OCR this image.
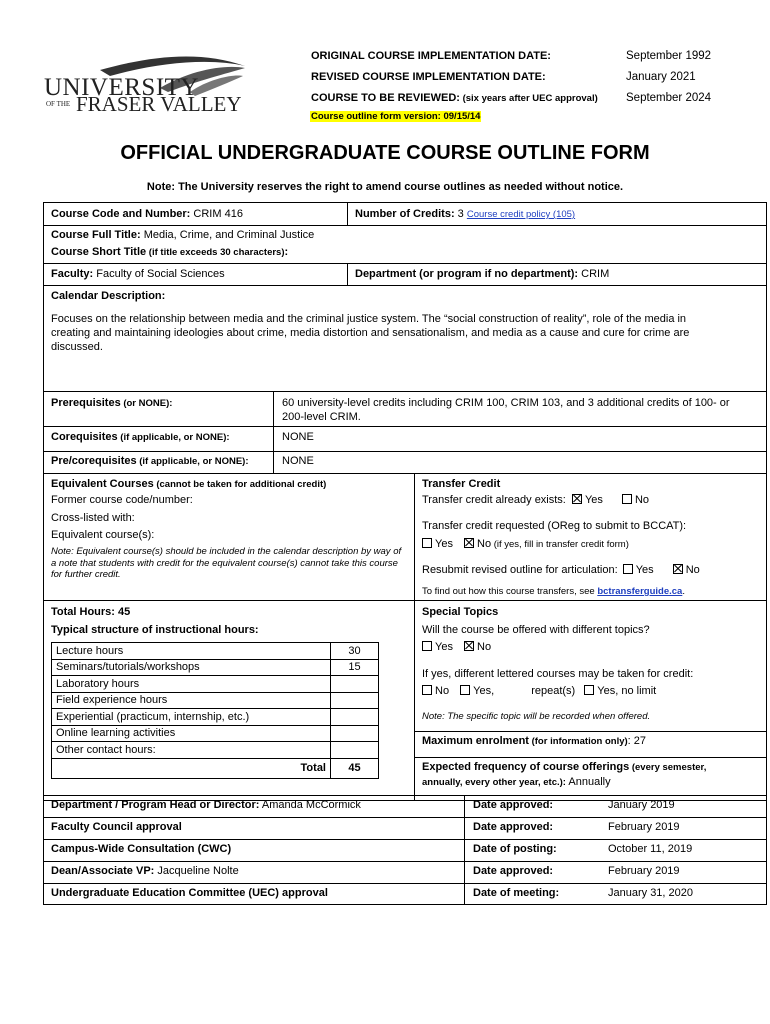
UNIVERSITY
OF THE FRASER VALLEY
ORIGINAL COURSE IMPLEMENTATION DATE:	September 1992
REVISED COURSE IMPLEMENTATION DATE:	January 2021
COURSE TO BE REVIEWED: (six years after UEC approval) September 2024
Course outline form version: 09/15/14
OFFICIAL UNDERGRADUATE COURSE OUTLINE FORM
Note: The University reserves the right to amend course outlines as needed without notice.
Course Code and Number: CRIM 416	Number of Credits: 3 Course credit policy (105)
Course Full Title: Media, Crime, and Criminal Justice
Course Short Title (if title exceeds 30 characters):
Faculty: Faculty of Social Sciences	Department (or program if no department): CRIM
Calendar Description:
Focuses on the relationship between media and the criminal justice system. The “social construction of reality”, role of the media in creating and maintaining ideologies about crime, media distortion and sensationalism, and media as a cause and cure for crime are discussed.
Prerequisites (or NONE):	60 university-level credits including CRIM 100, CRIM 103, and 3 additional credits of 100- or 200-level CRIM.
Corequisites (if applicable, or NONE):	NONE
Pre/corequisites (if applicable, or NONE):	NONE
Equivalent Courses (cannot be taken for additional credit)
Former course code/number:
Cross-listed with:
Equivalent course(s):
Note: Equivalent course(s) should be included in the calendar description by way of a note that students with credit for the equivalent course(s) cannot take this course for further credit.
Transfer Credit
Transfer credit already exists: Yes	No
Transfer credit requested (OReg to submit to BCCAT):
Yes No (if yes, fill in transfer credit form)
Resubmit revised outline for articulation: Yes	No
To find out how this course transfers, see bctransferguide.ca.
Total Hours: 45
Typical structure of instructional hours:
Lecture hours	30
Seminars/tutorials/workshops	15
Laboratory hours	
Field experience hours	
Experiential (practicum, internship, etc.)	
Online learning activities	
Other contact hours:	
Total	45
Special Topics
Will the course be offered with different topics?
Yes No
If yes, different lettered courses may be taken for credit:
No Yes,	repeat(s) Yes, no limit
Note: The specific topic will be recorded when offered.
Maximum enrolment (for information only): 27
Expected frequency of course offerings (every semester,
annually, every other year, etc.): Annually
Department / Program Head or Director: Amanda McCormick	Date approved:	January 2019
Faculty Council approval	Date approved:	February 2019
Campus-Wide Consultation (CWC)	Date of posting:	October 11, 2019
Dean/Associate VP: Jacqueline Nolte	Date approved:	February 2019
Undergraduate Education Committee (UEC) approval	Date of meeting:	January 31, 2020
